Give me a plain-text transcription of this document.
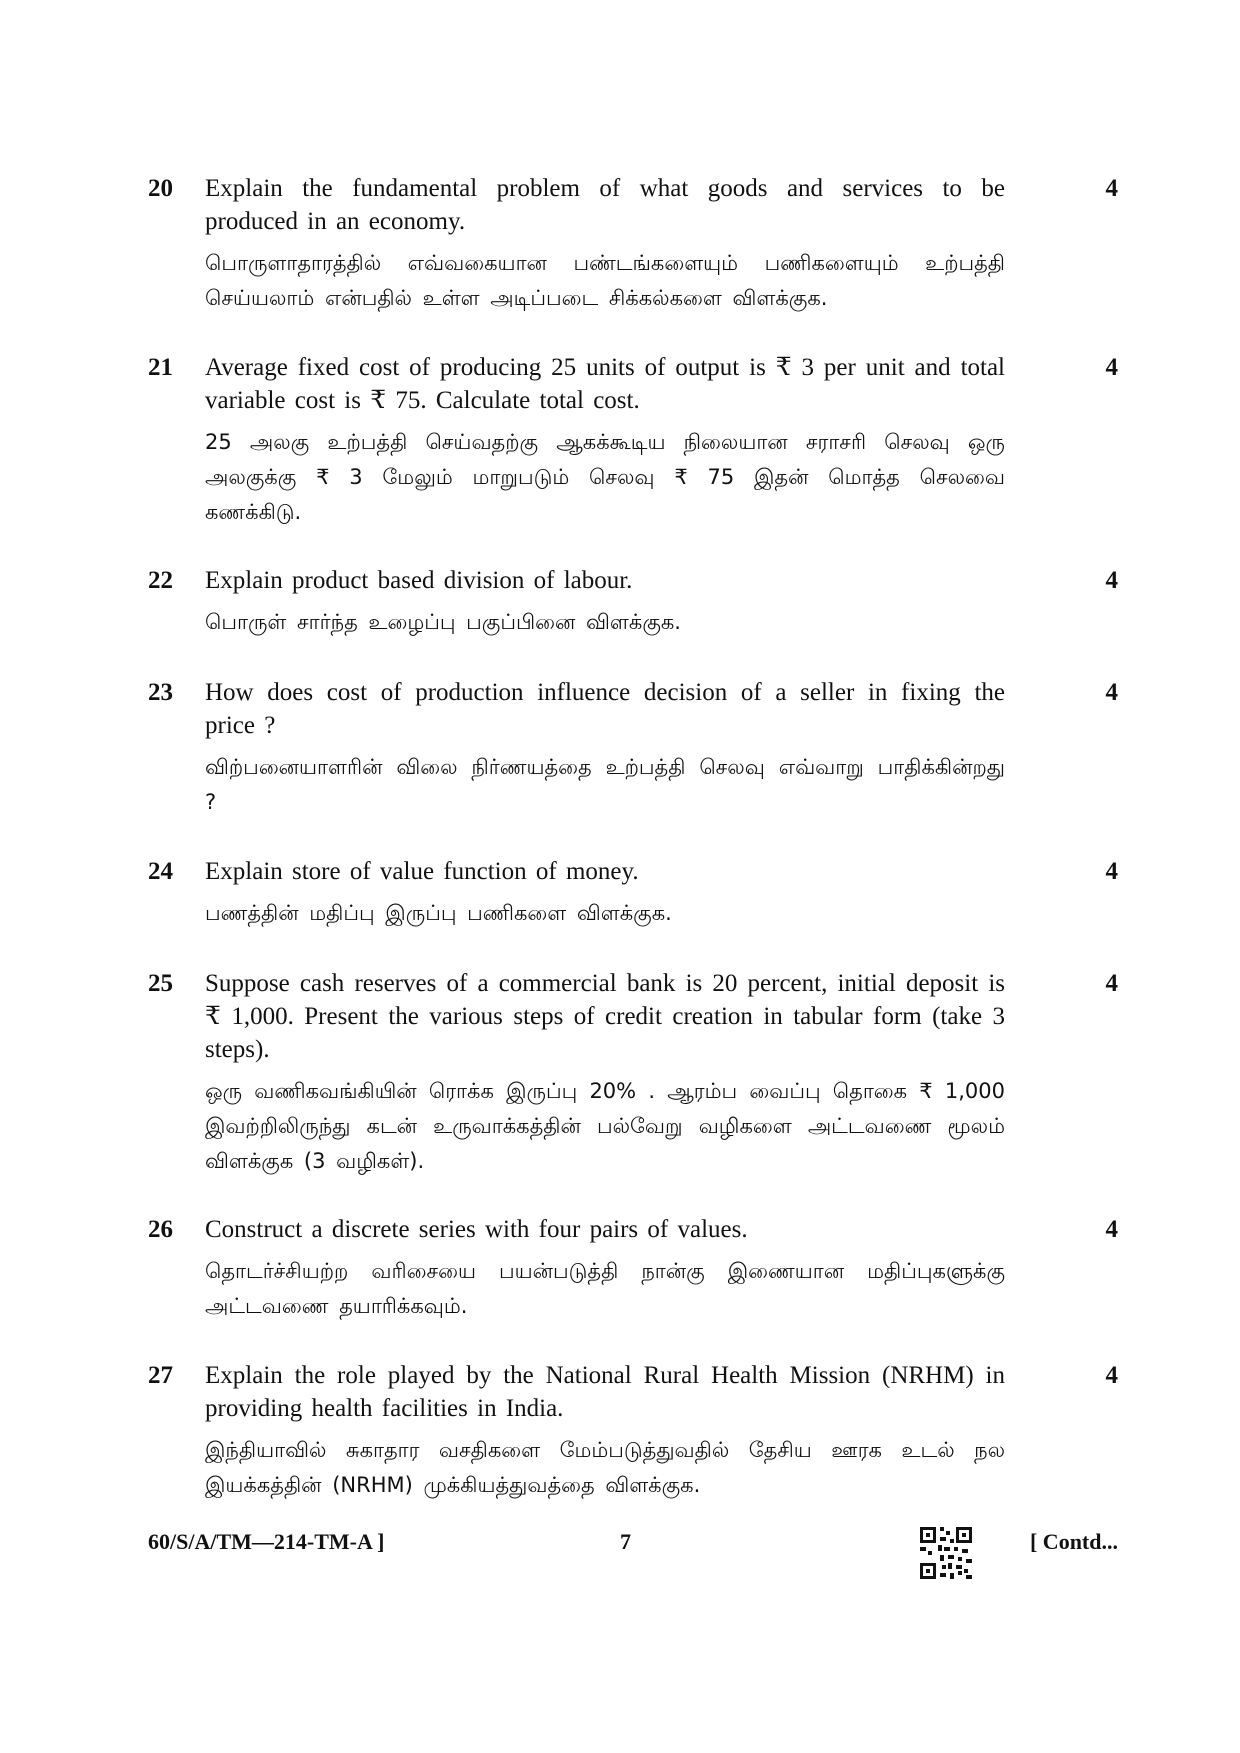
20	Explain the fundamental problem of what goods and services to be produced in an economy.

பொருளாதாரத்தில் எவ்வகையான பண்டங்களையும் பணிகளையும் உற்பத்தி செய்யலாம் என்பதில் உள்ள அடிப்படை சிக்கல்களை விளக்குக.

4
21	Average fixed cost of producing 25 units of output is ₹ 3 per unit and total variable cost is ₹ 75. Calculate total cost.

25 அலகு உற்பத்தி செய்வதற்கு ஆகக்கூடிய நிலையான சராசரி செலவு ஒரு அலகுக்கு ₹ 3 மேலும் மாறுபடும் செலவு ₹ 75 இதன் மொத்த செலவை கணக்கிடு.

4
22	Explain product based division of labour.

பொருள் சார்ந்த உழைப்பு பகுப்பினை விளக்குக.

4
23	How does cost of production influence decision of a seller in fixing the price ?

விற்பனையாளரின் விலை நிர்ணயத்தை உற்பத்தி செலவு எவ்வாறு பாதிக்கின்றது ?

4
24	Explain store of value function of money.

பணத்தின் மதிப்பு இருப்பு பணிகளை விளக்குக.

4
25	Suppose cash reserves of a commercial bank is 20 percent, initial deposit is ₹ 1,000. Present the various steps of credit creation in tabular form (take 3 steps).

ஒரு வணிகவங்கியின் ரொக்க இருப்பு 20% . ஆரம்ப வைப்பு தொகை ₹ 1,000 இவற்றிலிருந்து கடன் உருவாக்கத்தின் பல்வேறு வழிகளை அட்டவணை மூலம் விளக்குக (3 வழிகள்).

4
26	Construct a discrete series with four pairs of values.

தொடர்ச்சியற்ற வரிசையை பயன்படுத்தி நான்கு இணையான மதிப்புகளுக்கு அட்டவணை தயாரிக்கவும்.

4
27	Explain the role played by the National Rural Health Mission (NRHM) in providing health facilities in India.

இந்தியாவில் சுகாதார வசதிகளை மேம்படுத்துவதில் தேசிய ஊரக உடல் நல இயக்கத்தின் (NRHM) முக்கியத்துவத்தை விளக்குக.

4
60/S/A/TM—214-TM-A ]	7	[ Contd...
